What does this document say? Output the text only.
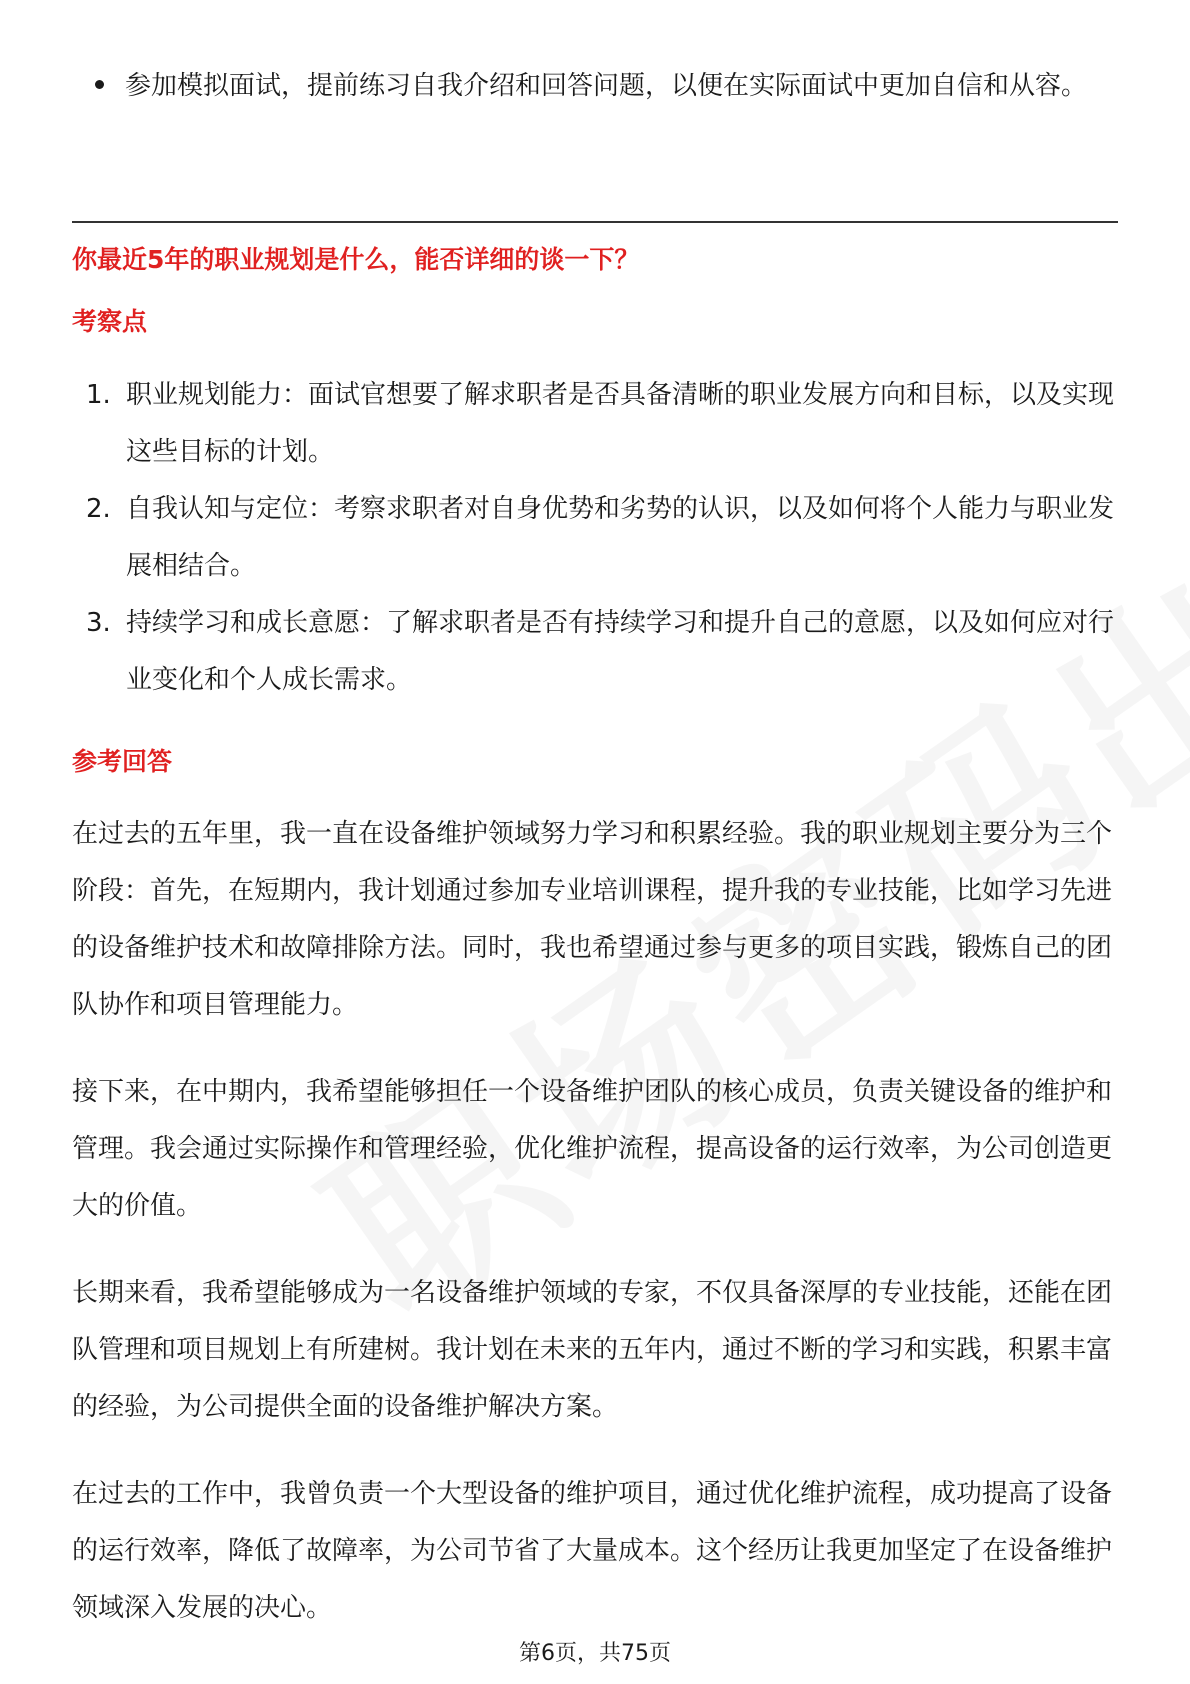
参加模拟面试，提前练习自我介绍和回答问题，以便在实际面试中更加自信和从容。
你最近5年的职业规划是什么，能否详细的谈一下？
考察点
1. 职业规划能力：面试官想要了解求职者是否具备清晰的职业发展方向和目标，以及实现这些目标的计划。
2. 自我认知与定位：考察求职者对自身优势和劣势的认识，以及如何将个人能力与职业发展相结合。
3. 持续学习和成长意愿：了解求职者是否有持续学习和提升自己的意愿，以及如何应对行业变化和个人成长需求。
参考回答

在过去的五年里，我一直在设备维护领域努力学习和积累经验。我的职业规划主要分为三个阶段：首先，在短期内，我计划通过参加专业培训课程，提升我的专业技能，比如学习先进的设备维护技术和故障排除方法。同时，我也希望通过参与更多的项目实践，锻炼自己的团队协作和项目管理能力。

接下来，在中期内，我希望能够担任一个设备维护团队的核心成员，负责关键设备的维护和管理。我会通过实际操作和管理经验，优化维护流程，提高设备的运行效率，为公司创造更大的价值。

长期来看，我希望能够成为一名设备维护领域的专家，不仅具备深厚的专业技能，还能在团队管理和项目规划上有所建树。我计划在未来的五年内，通过不断的学习和实践，积累丰富的经验，为公司提供全面的设备维护解决方案。

在过去的工作中，我曾负责一个大型设备的维护项目，通过优化维护流程，成功提高了设备的运行效率，降低了故障率，为公司节省了大量成本。这个经历让我更加坚定了在设备维护领域深入发展的决心。

第6页，共75页
